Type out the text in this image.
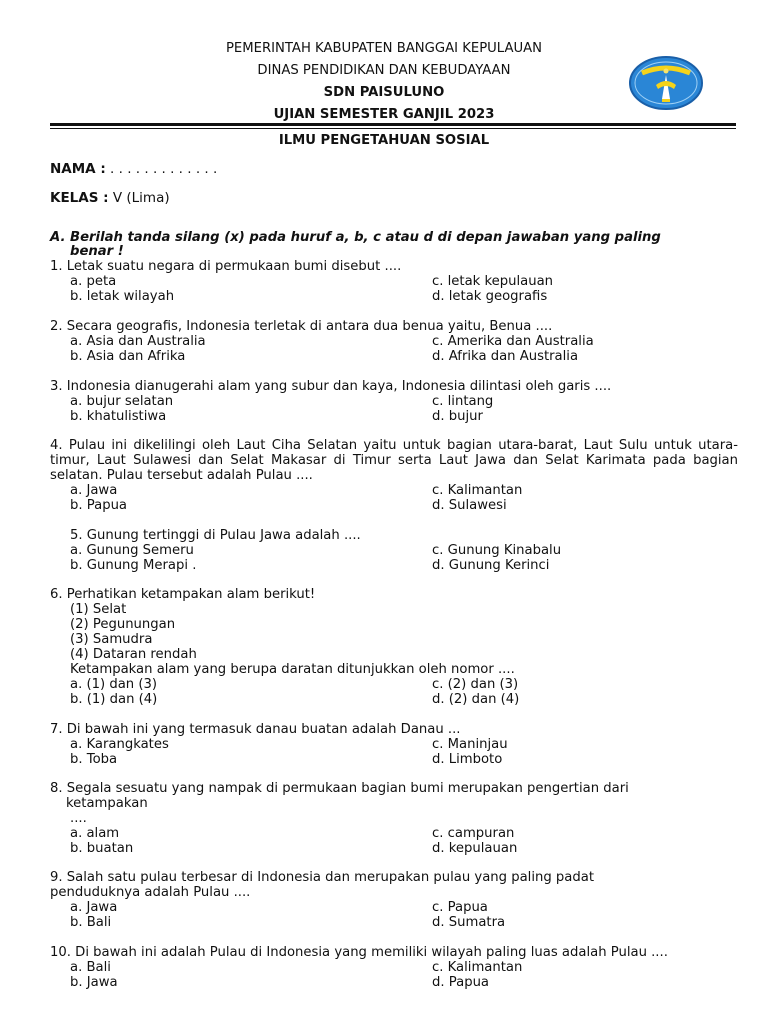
PEMERINTAH KABUPATEN BANGGAI KEPULAUAN
DINAS PENDIDIKAN DAN KEBUDAYAAN
SDN PAISULUNO
UJIAN SEMESTER GANJIL 2023
ILMU PENGETAHUAN SOSIAL
NAMA : . . . . . . . . . . . . .
KELAS : V (Lima)
A. Berilah tanda silang (x) pada huruf a, b, c atau d di depan jawaban yang paling
benar !
1. Letak suatu negara di permukaan bumi disebut ....
a. peta	c. letak kepulauan
b. letak wilayah	d. letak geografis
2. Secara geografis, Indonesia terletak di antara dua benua yaitu, Benua ....
a. Asia dan Australia	c. Amerika dan Australia
b. Asia dan Afrika	d. Afrika dan Australia
3. Indonesia dianugerahi alam yang subur dan kaya, Indonesia dilintasi oleh garis ....
a. bujur selatan	c. lintang
b. khatulistiwa	d. bujur
4. Pulau ini dikelilingi oleh Laut Ciha Selatan yaitu untuk bagian utara-barat, Laut Sulu untuk utara- timur, Laut Sulawesi dan Selat Makasar di Timur serta Laut Jawa dan Selat Karimata pada bagian selatan. Pulau tersebut adalah Pulau ....
a. Jawa	c. Kalimantan
b. Papua	d. Sulawesi
5. Gunung tertinggi di Pulau Jawa adalah ....
a. Gunung Semeru	c. Gunung Kinabalu
b. Gunung Merapi .	d. Gunung Kerinci
6. Perhatikan ketampakan alam berikut!
(1) Selat
(2) Pegunungan
(3) Samudra
(4) Dataran rendah
Ketampakan alam yang berupa daratan ditunjukkan oleh nomor ....
a. (1) dan (3)	c. (2) dan (3)
b. (1) dan (4)	d. (2) dan (4)
7. Di bawah ini yang termasuk danau buatan adalah Danau ...
a. Karangkates	c. Maninjau
b. Toba	d. Limboto
8. Segala sesuatu yang nampak di permukaan bagian bumi merupakan pengertian dari
ketampakan
....
a. alam	c. campuran
b. buatan	d. kepulauan
9. Salah satu pulau terbesar di Indonesia dan merupakan pulau yang paling padat
penduduknya adalah Pulau ....
a. Jawa	c. Papua
b. Bali	d. Sumatra
10. Di bawah ini adalah Pulau di Indonesia yang memiliki wilayah paling luas adalah Pulau ....
a. Bali	c. Kalimantan
b. Jawa	d. Papua
